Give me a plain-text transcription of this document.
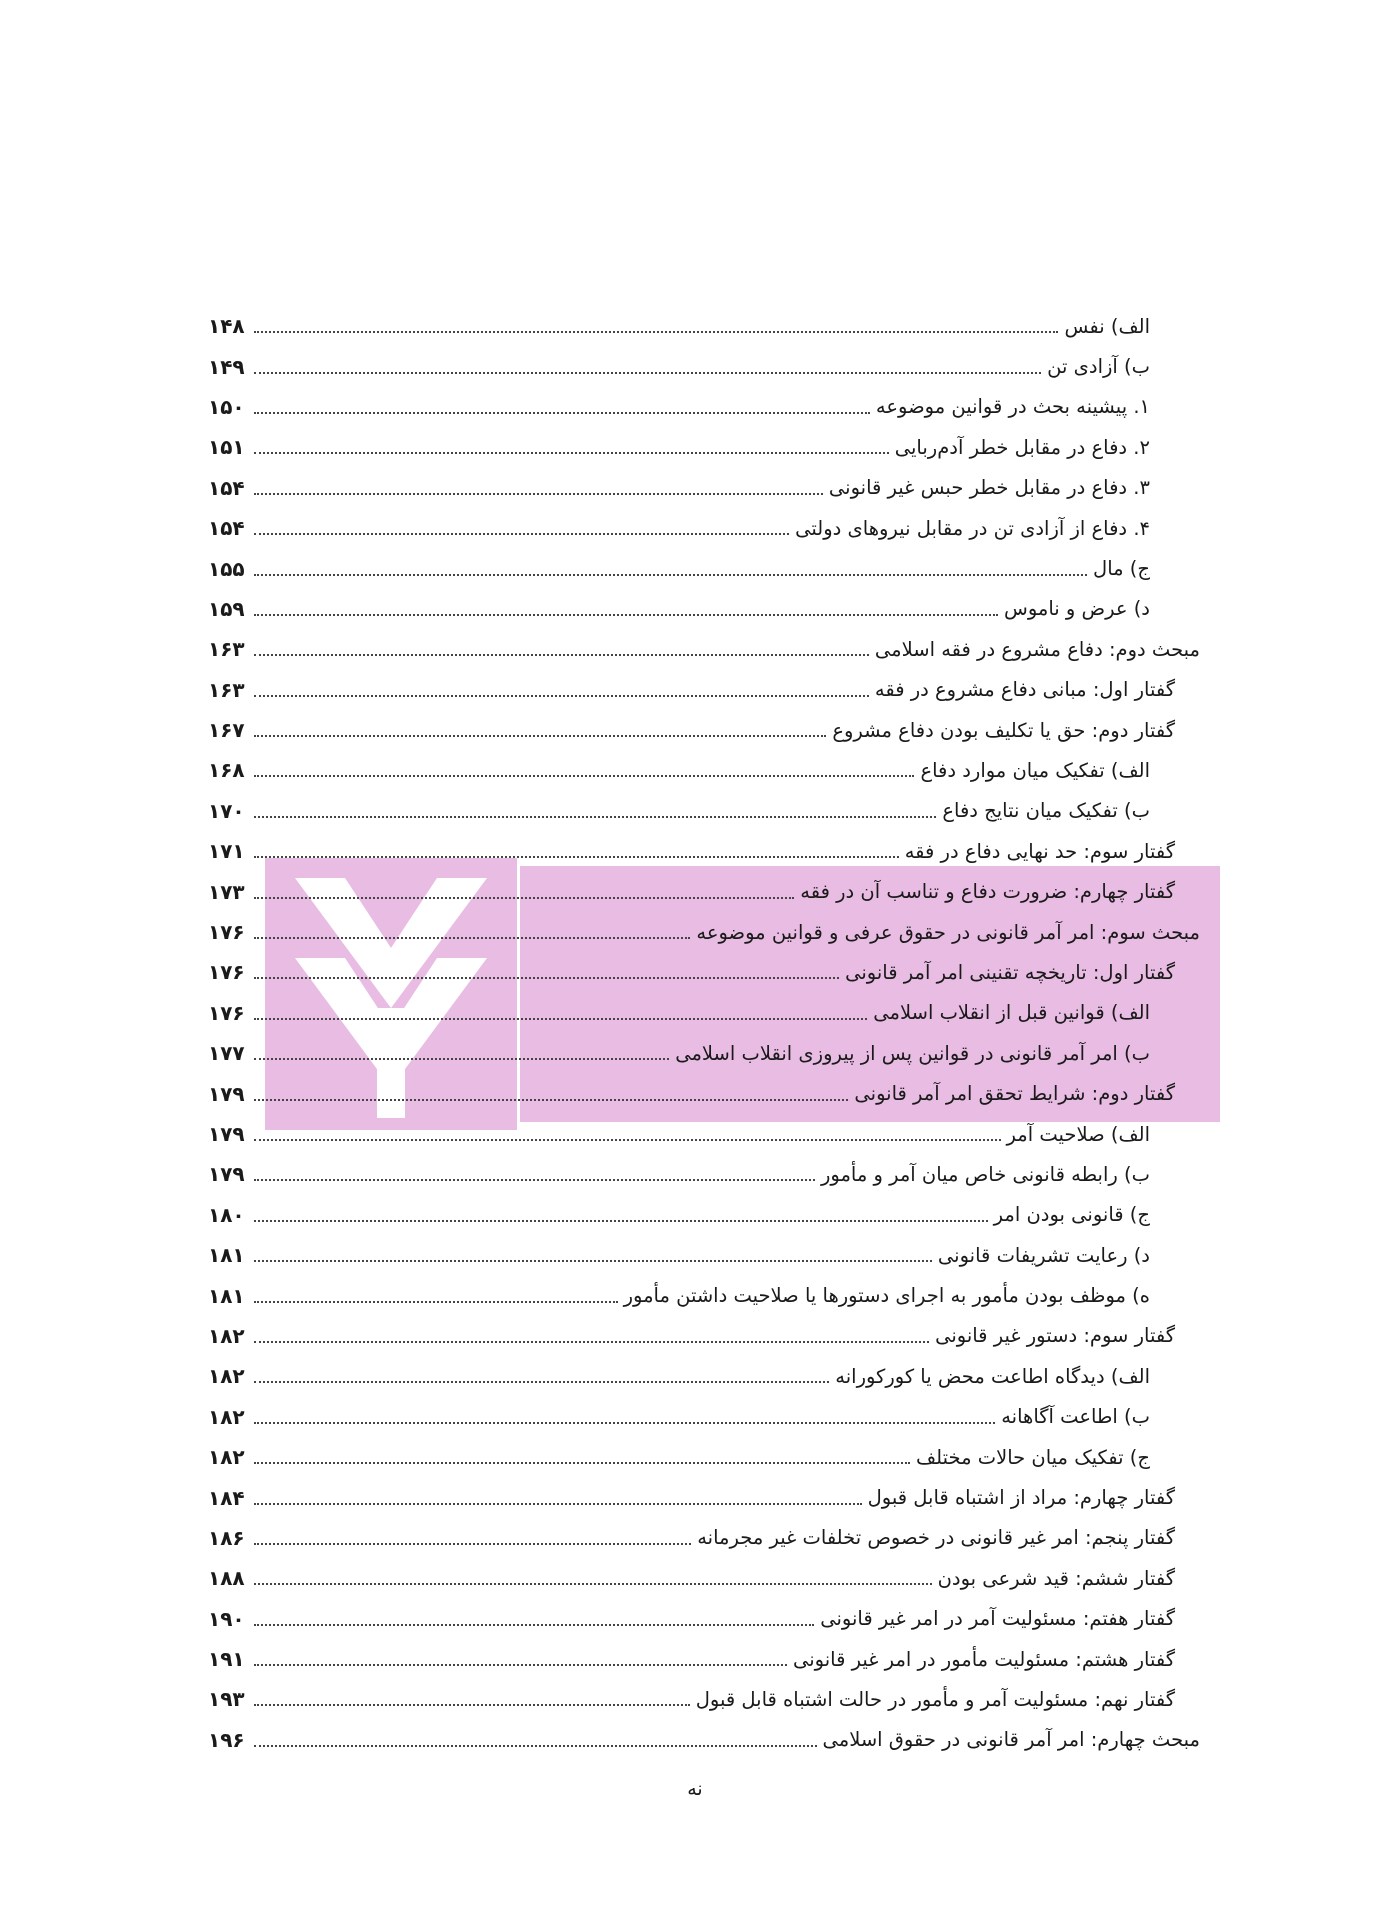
الف) نفس
۱۴۸
ب) آزادی تن
۱۴۹
۱. پیشینه بحث در قوانین موضوعه
۱۵۰
۲. دفاع در مقابل خطر آدم‌ربایی
۱۵۱
۳. دفاع در مقابل خطر حبس غیر قانونی
۱۵۴
۴. دفاع از آزادی تن در مقابل نیروهای دولتی
۱۵۴
ج) مال
۱۵۵
د) عرض و ناموس
۱۵۹
مبحث دوم: دفاع مشروع در فقه اسلامی
۱۶۳
گفتار اول: مبانی دفاع مشروع در فقه
۱۶۳
گفتار دوم: حق یا تکلیف بودن دفاع مشروع
۱۶۷
الف) تفکیک میان موارد دفاع
۱۶۸
ب) تفکیک میان نتایج دفاع
۱۷۰
گفتار سوم: حد نهایی دفاع در فقه
۱۷۱
گفتار چهارم: ضرورت دفاع و تناسب آن در فقه
۱۷۳
مبحث سوم: امر آمر قانونی در حقوق عرفی و قوانین موضوعه
۱۷۶
گفتار اول: تاریخچه تقنینی امر آمر قانونی
۱۷۶
الف) قوانین قبل از انقلاب اسلامی
۱۷۶
ب) امر آمر قانونی در قوانین پس از پیروزی انقلاب اسلامی
۱۷۷
گفتار دوم: شرایط تحقق امر آمر قانونی
۱۷۹
الف) صلاحیت آمر
۱۷۹
ب) رابطه قانونی خاص میان آمر و مأمور
۱۷۹
ج) قانونی بودن امر
۱۸۰
د) رعایت تشریفات قانونی
۱۸۱
ه) موظف بودن مأمور به اجرای دستورها یا صلاحیت داشتن مأمور
۱۸۱
گفتار سوم: دستور غیر قانونی
۱۸۲
الف) دیدگاه اطاعت محض یا کورکورانه
۱۸۲
ب) اطاعت آگاهانه
۱۸۲
ج) تفکیک میان حالات مختلف
۱۸۲
گفتار چهارم: مراد از اشتباه قابل قبول
۱۸۴
گفتار پنجم: امر غیر قانونی در خصوص تخلفات غیر مجرمانه
۱۸۶
گفتار ششم: قید شرعی بودن
۱۸۸
گفتار هفتم: مسئولیت آمر در امر غیر قانونی
۱۹۰
گفتار هشتم: مسئولیت مأمور در امر غیر قانونی
۱۹۱
گفتار نهم: مسئولیت آمر و مأمور در حالت اشتباه قابل قبول
۱۹۳
مبحث چهارم: امر آمر قانونی در حقوق اسلامی
۱۹۶
نه
